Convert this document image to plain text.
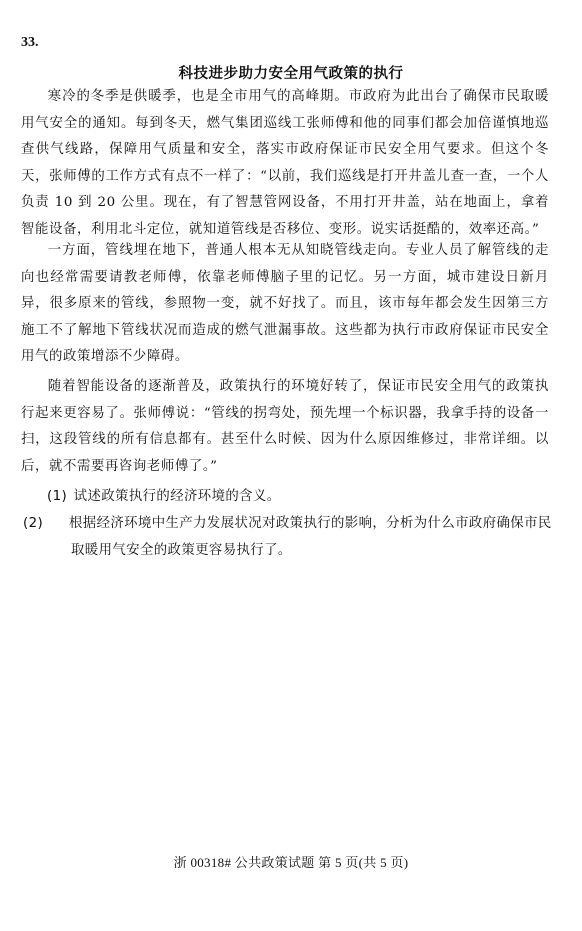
33.
科技进步助力安全用气政策的执行

寒冷的冬季是供暖季，也是全市用气的高峰期。市政府为此出台了确保市民取暖用气安全的通知。每到冬天，燃气集团巡线工张师傅和他的同事们都会加倍谨慎地巡查供气线路，保障用气质量和安全，落实市政府保证市民安全用气要求。但这个冬天，张师傅的工作方式有点不一样了：“以前，我们巡线是打开井盖儿查一查，一个人负责 10 到 20 公里。现在，有了智慧管网设备，不用打开井盖，站在地面上，拿着智能设备，利用北斗定位，就知道管线是否移位、变形。说实话挺酷的，效率还高。”

一方面，管线埋在地下，普通人根本无从知晓管线走向。专业人员了解管线的走向也经常需要请教老师傅，依靠老师傅脑子里的记忆。另一方面，城市建设日新月异，很多原来的管线，参照物一变，就不好找了。而且，该市每年都会发生因第三方施工不了解地下管线状况而造成的燃气泄漏事故。这些都为执行市政府保证市民安全用气的政策增添不少障碍。

随着智能设备的逐渐普及，政策执行的环境好转了，保证市民安全用气的政策执行起来更容易了。张师傅说：“管线的拐弯处，预先埋一个标识器，我拿手持的设备一扫，这段管线的所有信息都有。甚至什么时候、因为什么原因维修过，非常详细。以后，就不需要再咨询老师傅了。”

(1) 试述政策执行的经济环境的含义。
(2) 根据经济环境中生产力发展状况对政策执行的影响，分析为什么市政府确保市民取暖用气安全的政策更容易执行了。
浙 00318# 公共政策试题 第 5 页(共 5 页)
